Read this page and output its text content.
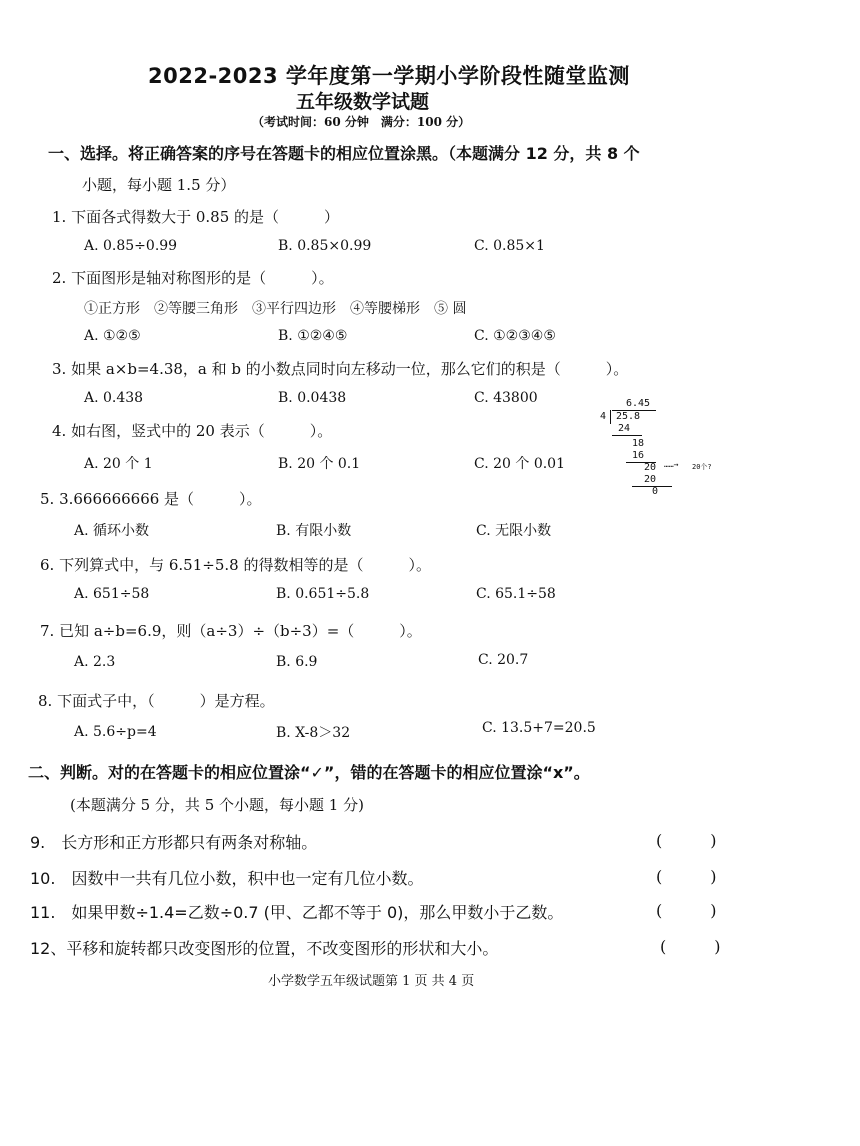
2022-2023 学年度第一学期小学阶段性随堂监测
五年级数学试题
（考试时间：60 分钟　满分：100 分）
一、选择。将正确答案的序号在答题卡的相应位置涂黑。（本题满分 12 分，共 8 个
小题，每小题 1.5 分）
1. 下面各式得数大于 0.85 的是（　　　）
A. 0.85÷0.99	B. 0.85×0.99	C. 0.85×1
2. 下面图形是轴对称图形的是（　　　）。
①正方形　②等腰三角形　③平行四边形　④等腰梯形　⑤ 圆
A. ①②⑤	B. ①②④⑤	C. ①②③④⑤
3. 如果 a×b=4.38，a 和 b 的小数点同时向左移动一位，那么它们的积是（　　　）。
A. 0.438	B. 0.0438	C. 43800
4. 如右图，竖式中的 20 表示（　　　）。
A. 20 个 1	B. 20 个 0.1	C. 20 个 0.01
6.45
4 25.8
24
18
16
20 ……→ 20个?
20
0
5. 3.666666666 是（　　　）。
A. 循环小数	B. 有限小数	C. 无限小数
6. 下列算式中，与 6.51÷5.8 的得数相等的是（　　　）。
A. 651÷58	B. 0.651÷5.8	C. 65.1÷58
7. 已知 a÷b=6.9，则（a÷3）÷（b÷3）=（　　　）。
A. 2.3	B. 6.9	C. 20.7
8. 下面式子中，（　　　）是方程。
A. 5.6÷p=4	B. X-8＞32	C. 13.5+7=20.5
二、判断。对的在答题卡的相应位置涂“✓”，错的在答题卡的相应位置涂“x”。
(本题满分 5 分，共 5 个小题，每小题 1 分)
9.　长方形和正方形都只有两条对称轴。	(　　　)
10.　因数中一共有几位小数，积中也一定有几位小数。	(　　　)
11.　如果甲数÷1.4=乙数÷0.7 (甲、乙都不等于 0)，那么甲数小于乙数。	(　　　)
12、平移和旋转都只改变图形的位置，不改变图形的形状和大小。	(　　　)
小学数学五年级试题第 1 页 共 4 页
